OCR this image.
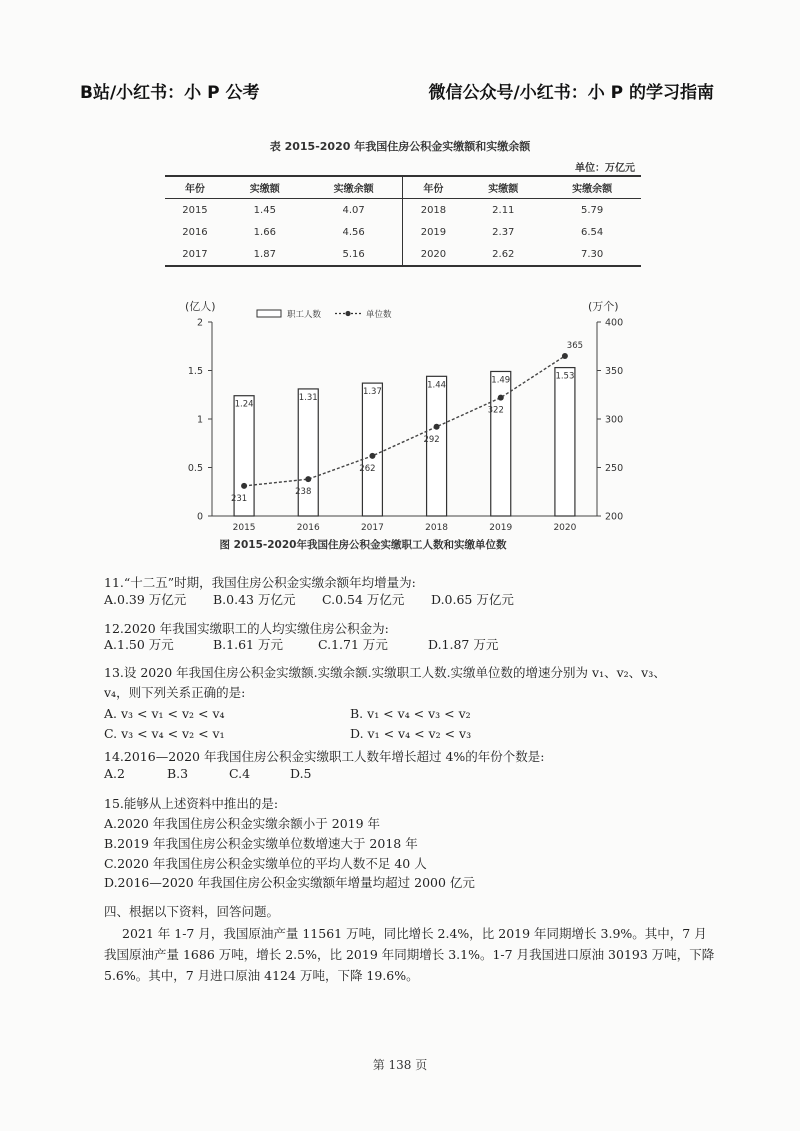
B站/小红书：小 P 公考	微信公众号/小红书：小 P 的学习指南
表 2015-2020 年我国住房公积金实缴额和实缴余额
单位：万亿元
年份	实缴额	实缴余额	年份	实缴额	实缴余额
2015	1.45	4.07	2018	2.11	5.79
2016	1.66	4.56	2019	2.37	6.54
2017	1.87	5.16	2020	2.62	7.30
0
0.5
1
1.5
2
200
250
300
350
400
(亿人)	(万个)
职工人数	单位数
1.24
1.31
1.37
1.44	1.49	1.53
231
238
262
292
322
365
2015	2016	2017	2018	2019	2020
图 2015-2020年我国住房公积金实缴职工人数和实缴单位数
11.“十二五”时期，我国住房公积金实缴余额年均增量为:
A.0.39 万亿元 B.0.43 万亿元 C.0.54 万亿元 D.0.65 万亿元
12.2020 年我国实缴职工的人均实缴住房公积金为:
A.1.50 万元	B.1.61 万元	C.1.71 万元	D.1.87 万元
13.设 2020 年我国住房公积金实缴额.实缴余额.实缴职工人数.实缴单位数的增速分别为 v₁、v₂、v₃、
v₄，则下列关系正确的是:
A. v₃ < v₁ < v₂ < v₄	B. v₁ < v₄ < v₃ < v₂
C. v₃ < v₄ < v₂ < v₁	D. v₁ < v₄ < v₂ < v₃
14.2016—2020 年我国住房公积金实缴职工人数年增长超过 4%的年份个数是:
A.2	B.3	C.4	D.5
15.能够从上述资料中推出的是:
A.2020 年我国住房公积金实缴余额小于 2019 年
B.2019 年我国住房公积金实缴单位数增速大于 2018 年
C.2020 年我国住房公积金实缴单位的平均人数不足 40 人
D.2016—2020 年我国住房公积金实缴额年增量均超过 2000 亿元
四、根据以下资料，回答问题。
2021 年 1-7 月，我国原油产量 11561 万吨，同比增长 2.4%，比 2019 年同期增长 3.9%。其中，7 月
我国原油产量 1686 万吨，增长 2.5%，比 2019 年同期增长 3.1%。1-7 月我国进口原油 30193 万吨，下降
5.6%。其中，7 月进口原油 4124 万吨，下降 19.6%。
第 138 页
